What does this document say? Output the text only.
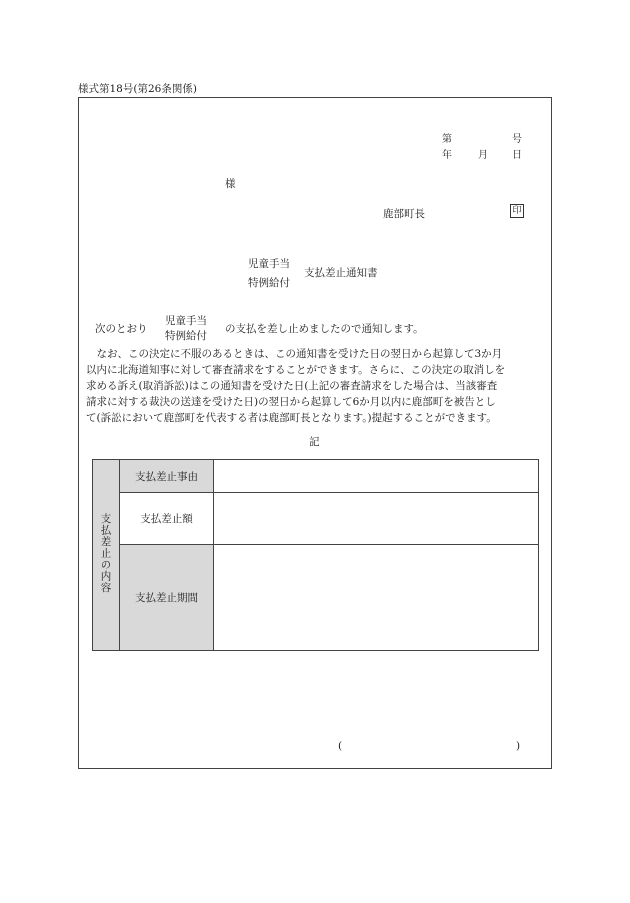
様式第18号(第26条関係)
第	号
年	月 日
様
鹿部町長	印
児童手当
特例給付
支払差止通知書
次のとおり
児童手当
特例給付
の支払を差し止めましたので通知します。
　なお、この決定に不服のあるときは、この通知書を受けた日の翌日から起算して3か月
以内に北海道知事に対して審査請求をすることができます。さらに、この決定の取消しを
求める訴え(取消訴訟)はこの通知書を受けた日(上記の審査請求をした場合は、当該審査
請求に対する裁決の送達を受けた日)の翌日から起算して6か月以内に鹿部町を被告とし
て(訴訟において鹿部町を代表する者は鹿部町長となります。)提起することができます。
記
支払差止の内容	支払差止事由	
	支払差止額	
	支払差止期間	
(	)
